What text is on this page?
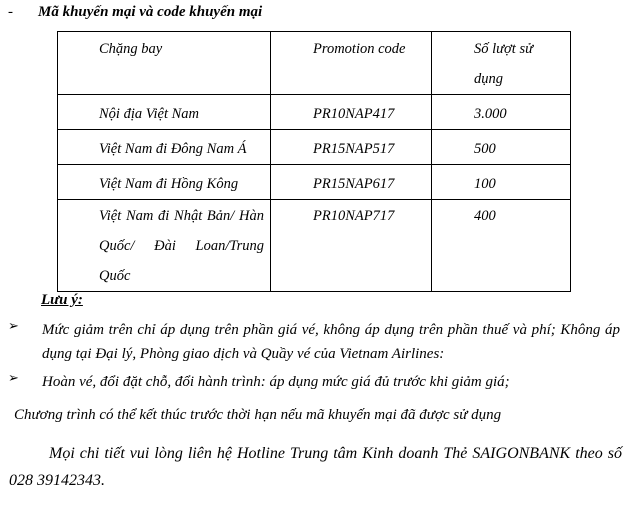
- Mã khuyến mại và code khuyến mại
Chặng bay	Promotion code	Số lượt sử dụng
Nội địa Việt Nam	PR10NAP417	3.000
Việt Nam đi Đông Nam Á	PR15NAP517	500
Việt Nam đi Hồng Kông	PR15NAP617	100
Việt Nam đi Nhật Bản/ Hàn Quốc/ Đài Loan/Trung Quốc	PR10NAP717	400
Lưu ý:
➢ Mức giảm trên chỉ áp dụng trên phần giá vé, không áp dụng trên phần thuế và phí; Không áp dụng tại Đại lý, Phòng giao dịch và Quầy vé của Vietnam Airlines:
➢ Hoàn vé, đổi đặt chỗ, đổi hành trình: áp dụng mức giá đủ trước khi giảm giá;
Chương trình có thể kết thúc trước thời hạn nếu mã khuyến mại đã được sử dụng
Mọi chi tiết vui lòng liên hệ Hotline Trung tâm Kinh doanh Thẻ SAIGONBANK theo số 028 39142343.
